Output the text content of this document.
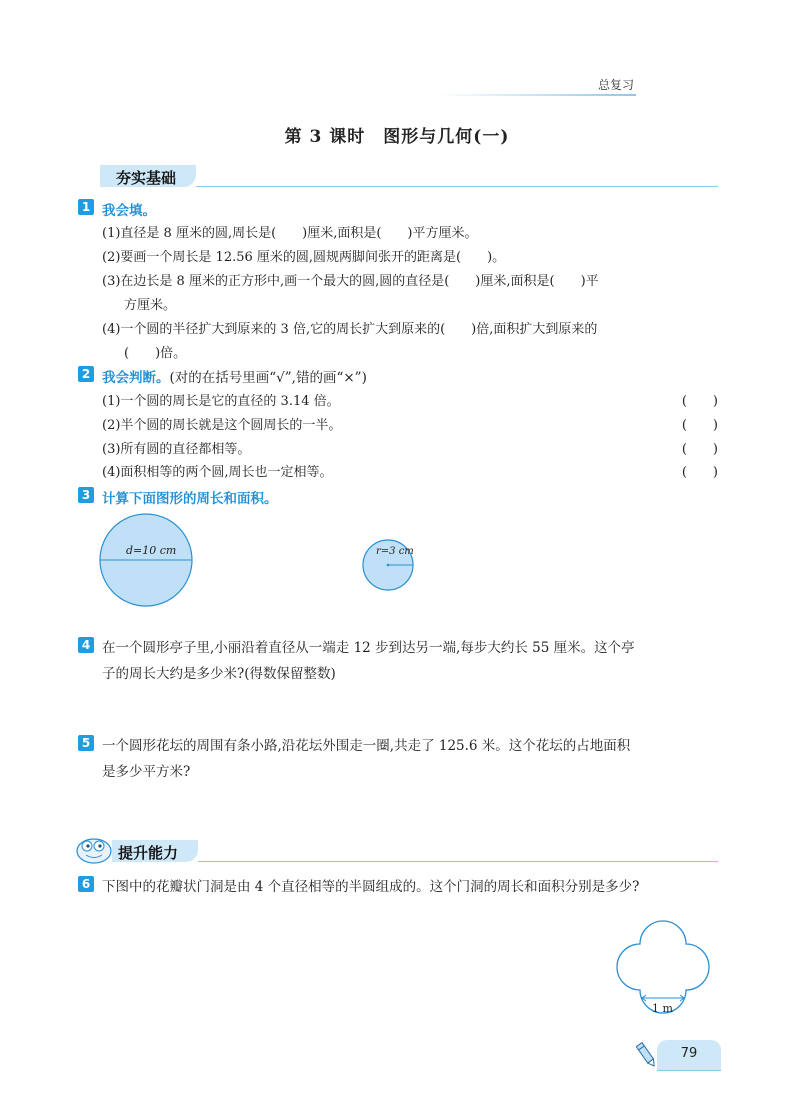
总复习
第 3 课时　图形与几何(一)
夯实基础
1 我会填。
(1)直径是 8 厘米的圆,周长是(　　)厘米,面积是(　　)平方厘米。
(2)要画一个周长是 12.56 厘米的圆,圆规两脚间张开的距离是(　　)。
(3)在边长是 8 厘米的正方形中,画一个最大的圆,圆的直径是(　　)厘米,面积是(　　)平
方厘米。
(4)一个圆的半径扩大到原来的 3 倍,它的周长扩大到原来的(　　)倍,面积扩大到原来的
(　　)倍。
2 我会判断。(对的在括号里画“√”,错的画“×”)
(1)一个圆的周长是它的直径的 3.14 倍。	(　　)
(2)半个圆的周长就是这个圆周长的一半。	(　　)
(3)所有圆的直径都相等。	(　　)
(4)面积相等的两个圆,周长也一定相等。	(　　)
3 计算下面图形的周长和面积。
d=10 cm	r=3 cm
4 在一个圆形亭子里,小丽沿着直径从一端走 12 步到达另一端,每步大约长 55 厘米。这个亭
子的周长大约是多少米?(得数保留整数)
5 一个圆形花坛的周围有条小路,沿花坛外围走一圈,共走了 125.6 米。这个花坛的占地面积
是多少平方米?
提升能力
6 下图中的花瓣状门洞是由 4 个直径相等的半圆组成的。这个门洞的周长和面积分别是多少?
1 m
79
